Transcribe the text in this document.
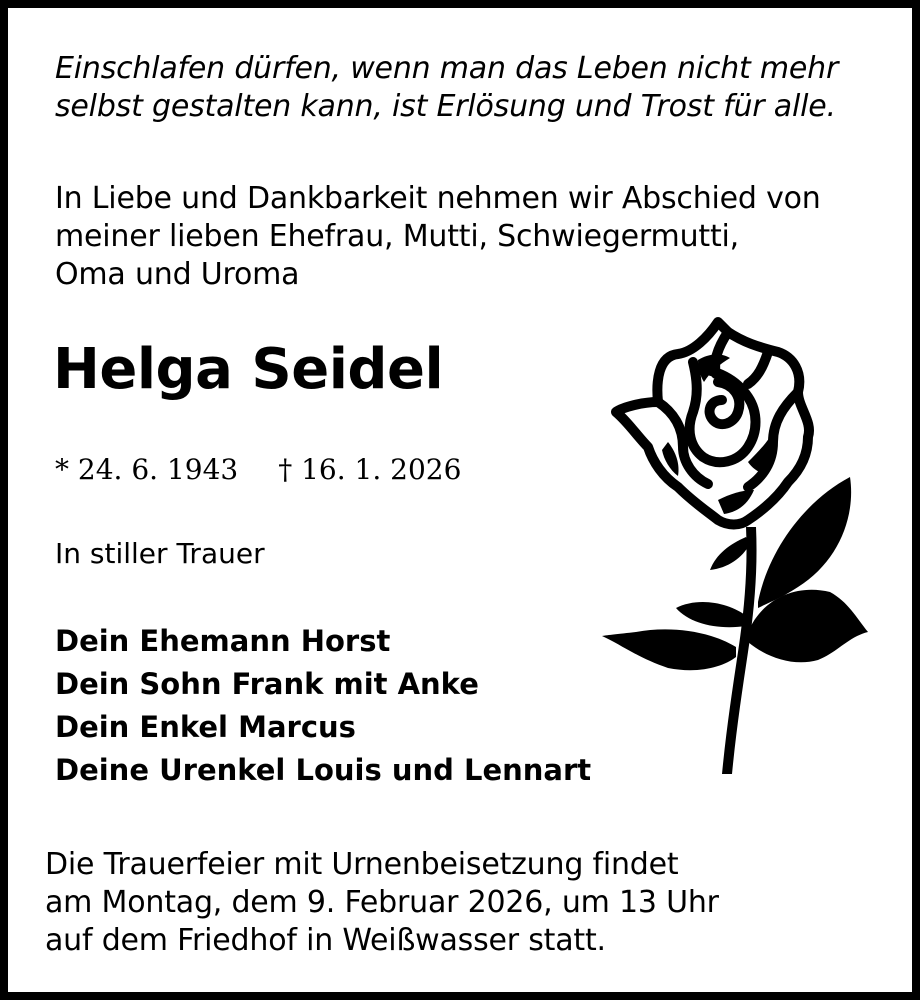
Einschlafen dürfen, wenn man das Leben nicht mehr
selbst gestalten kann, ist Erlösung und Trost für alle.
In Liebe und Dankbarkeit nehmen wir Abschied von
meiner lieben Ehefrau, Mutti, Schwiegermutti,
Oma und Uroma
Helga Seidel
* 24. 6. 1943 † 16. 1. 2026
In stiller Trauer
Dein Ehemann Horst
Dein Sohn Frank mit Anke
Dein Enkel Marcus
Deine Urenkel Louis und Lennart
Die Trauerfeier mit Urnenbeisetzung findet
am Montag, dem 9. Februar 2026, um 13 Uhr
auf dem Friedhof in Weißwasser statt.
